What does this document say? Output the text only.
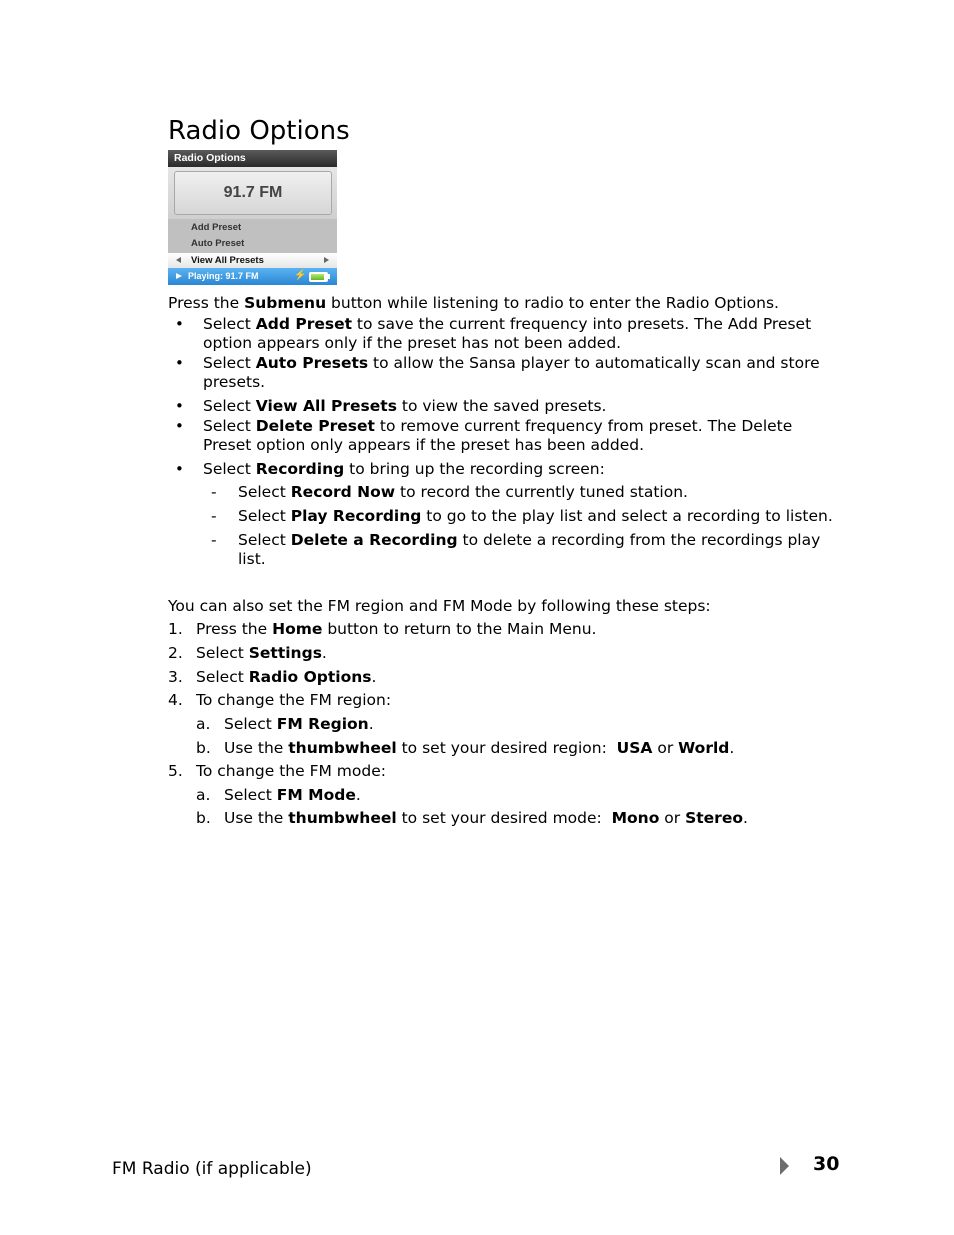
Radio Options
Radio Options
91.7 FM
Add Preset
Auto Preset
View All Presets
Playing: 91.7 FM	⚡
Press the Submenu button while listening to radio to enter the Radio Options.
• Select Add Preset to save the current frequency into presets. The Add Preset
option appears only if the preset has not been added.
• Select Auto Presets to allow the Sansa player to automatically scan and store
presets.
• Select View All Presets to view the saved presets.
• Select Delete Preset to remove current frequency from preset. The Delete
Preset option only appears if the preset has been added.
• Select Recording to bring up the recording screen:
- Select Record Now to record the currently tuned station.
- Select Play Recording to go to the play list and select a recording to listen.
- Select Delete a Recording to delete a recording from the recordings play
list.
You can also set the FM region and FM Mode by following these steps:
1. Press the Home button to return to the Main Menu.
2. Select Settings.
3. Select Radio Options.
4. To change the FM region:
a. Select FM Region.
b. Use the thumbwheel to set your desired region:  USA or World.
5. To change the FM mode:
a. Select FM Mode.
b. Use the thumbwheel to set your desired mode:  Mono or Stereo.
FM Radio (if applicable)	30
